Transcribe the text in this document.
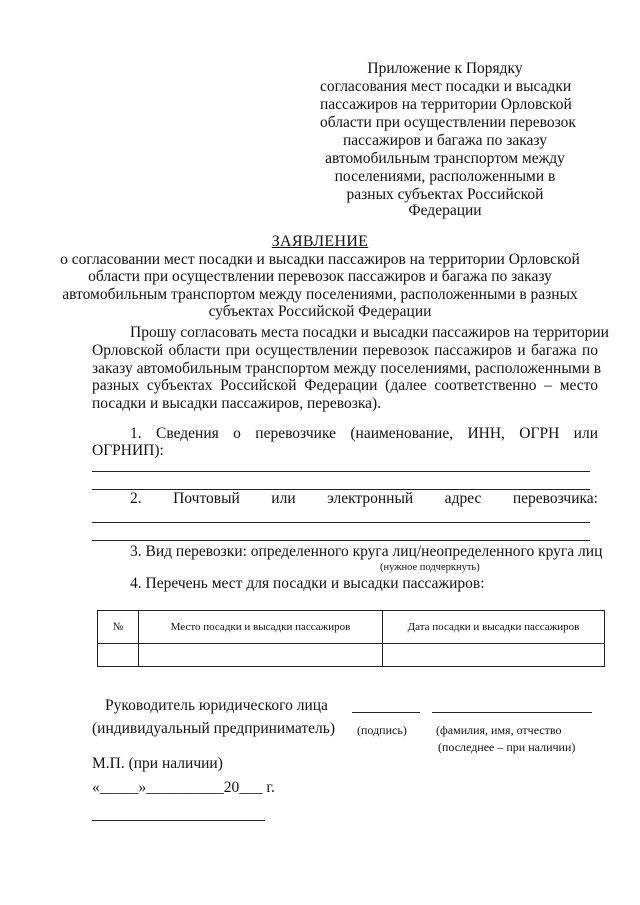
Приложение к Порядку
согласования мест посадки и высадки
пассажиров на территории Орловской
области при осуществлении перевозок
пассажиров и багажа по заказу
автомобильным транспортом между
поселениями, расположенными в
разных субъектах Российской
Федерации
ЗАЯВЛЕНИЕ
о согласовании мест посадки и высадки пассажиров на территории Орловской
области при осуществлении перевозок пассажиров и багажа по заказу
автомобильным транспортом между поселениями, расположенными в разных
субъектах Российской Федерации
Прошу согласовать места посадки и высадки пассажиров на территории
Орловской области при осуществлении перевозок пассажиров и багажа по
заказу автомобильным транспортом между поселениями, расположенными в
разных субъектах Российской Федерации (далее соответственно – место
посадки и высадки пассажиров, перевозка).
1. Сведения о перевозчике (наименование, ИНН, ОГРН или
ОГРНИП):
2. Почтовый или электронный адрес перевозчика:
3. Вид перевозки: определенного круга лиц/неопределенного круга лиц
(нужное подчеркнуть)
4. Перечень мест для посадки и высадки пассажиров:
№	Место посадки и высадки пассажиров	Дата посадки и высадки пассажиров

Руководитель юридического лица
(индивидуальный предприниматель) (подпись) (фамилия, имя, отчество
(последнее – при наличии)
М.П. (при наличии)
«_____»__________20___ г.
